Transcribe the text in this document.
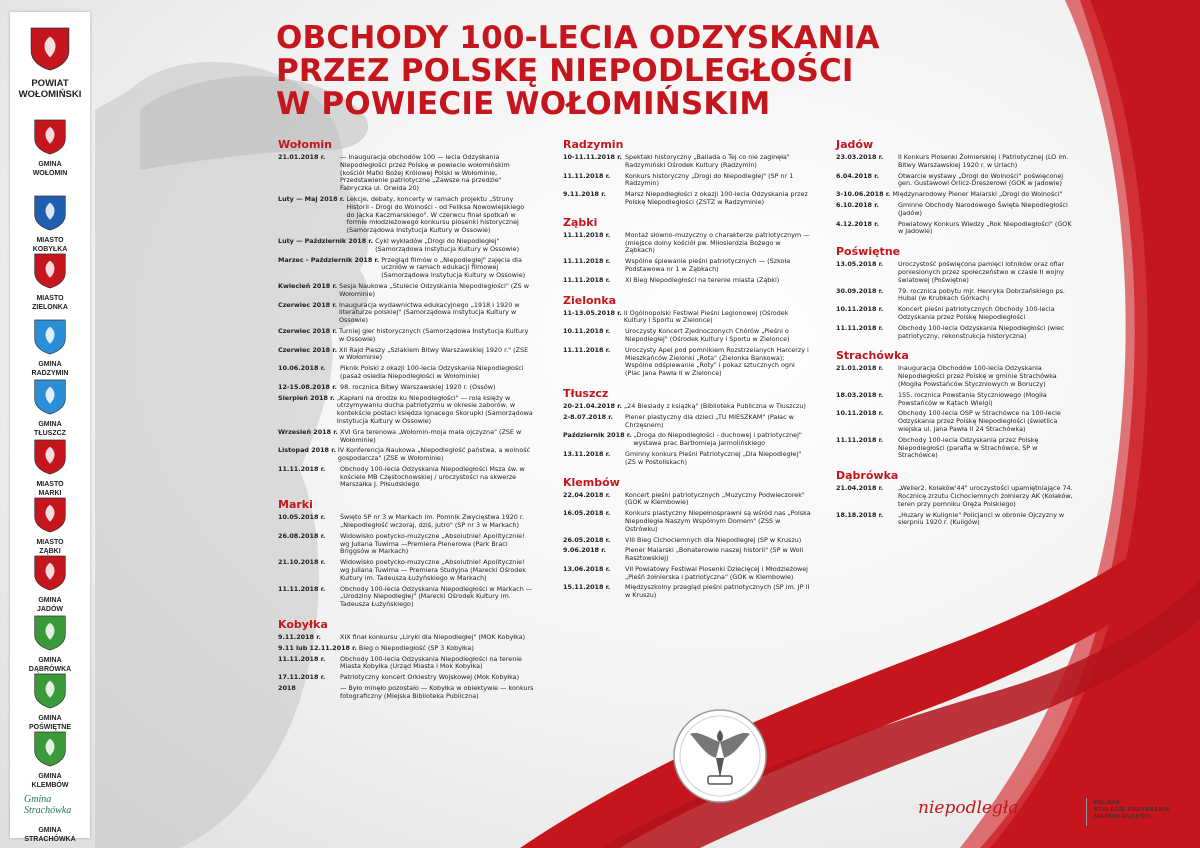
POWIAT
WOŁOMIŃSKI
GMINA
WOŁOMIN
MIASTO
KOBYŁKA
MIASTO
ZIELONKA
GMINA
RADZYMIN
GMINA
TŁUSZCZ
MIASTO
MARKI
MIASTO
ZĄBKI
GMINA
JADÓW
GMINA
DĄBRÓWKA
GMINA
POŚWIĘTNE
GMINA
KLEMBÓW
GMINA
STRACHÓWKA
Gmina Strachówka
OBCHODY 100-LECIA ODZYSKANIA
PRZEZ POLSKĘ NIEPODLEGŁOŚCI
W POWIECIE WOŁOMIŃSKIM
Wołomin
21.01.2018 r.	— Inauguracja obchodów 100 — lecia Odzyskania Niepodległości przez Polskę w powiecie wołomińskim (kościół Matki Bożej Królowej Polski w Wołominie, Przedstawienie patriotyczne „Zawsze na przedzie" Fabryczka ul. Orwida 20)
Luty — Maj 2018 r. Lekcje, debaty, koncerty w ramach projektu „Struny Historii - Drogi do Wolności - od Feliksa Nowowiejskiego do Jacka Kaczmarskiego". W czerwcu finał spotkań w formie młodzieżowego konkursu piosenki historycznej (Samorządowa Instytucja Kultury w Ossowie)
Luty — Październik 2018 r. Cykl wykładów „Drogi do Niepodległej" (Samorządowa Instytucja Kultury w Ossowie)
Marzec - Październik 2018 r. Przegląd filmów o „Niepodległej" zajęcia dla uczniów w ramach edukacji filmowej (Samorządowa Instytucja Kultury w Ossowie)
Kwiecień 2018 r. Sesja Naukowa „Stulecie Odzyskania Niepodległości" (ZS w Wołominie)
Czerwiec 2018 r. Inauguracja wydawnictwa edukacyjnego „1918 i 1920 w literaturze polskiej" (Samorządowa Instytucja Kultury w Ossowie)
Czerwiec 2018 r. Turniej gier historycznych (Samorządowa Instytucja Kultury w Ossowie)
Czerwiec 2018 r. XII Rajd Pieszy „Szlakiem Bitwy Warszawskiej 1920 r." (ZSE w Wołominie)
10.06.2018 r.	Piknik Polski z okazji 100-lecia Odzyskania Niepodległości (pasaż osiedla Niepodległości w Wołominie)
12-15.08.2018 r. 98. rocznica Bitwy Warszawskiej 1920 r. (Ossów)
Sierpień 2018 r. „Kapłani na drodze ku Niepodległości" — rola księży w utrzymywaniu ducha patriotyzmu w okresie zaborów, w kontekście postaci księdza Ignacego Skorupki (Samorządowa Instytucja Kultury w Ossowie)
Wrzesień 2018 r. XVI Gra terenowa „Wołomin-moja mała ojczyzna" (ZSE w Wołominie)
Listopad 2018 r. IV Konferencja Naukowa „Niepodległość państwa, a wolność gospodarcza" (ZSE w Wołominie)
11.11.2018 r.	Obchody 100-lecia Odzyskania Niepodległości Msza św. w kościele MB Częstochowskiej / uroczystości na skwerze Marszałka J. Piłsudskiego
Marki
10.05.2018 r.	Święto SP nr 3 w Markach im. Pomnik Zwycięstwa 1920 r. „Niepodległość wczoraj, dziś, jutro" (SP nr 3 w Markach)
26.08.2018 r.	Widowisko poetycko-muzyczne „Absolutnie! Apolitycznie! wg Juliana Tuwima —Premiera Plenerowa (Park Braci Briggsów w Markach)
21.10.2018 r.	Widowisko poetycko-muzyczne „Absolutnie! Apolitycznie! wg Juliana Tuwima — Premiera Studyjna (Marecki Ośrodek Kultury im. Tadeusza Łużyńskiego w Markach)
11.11.2018 r.	Obchody 100-lecia Odzyskania Niepodległości w Markach — „Urodziny Niepodległej" (Marecki Ośrodek Kultury im. Tadeusza Łużyńskiego)
Kobyłka
9.11.2018 r.	XIX finał konkursu „Liryki dla Niepodległej" (MOK Kobyłka)
9.11 lub 12.11.2018 r. Bieg o Niepodległość (SP 3 Kobyłka)
11.11.2018 r.	Obchody 100-lecia Odzyskania Niepodległości na terenie Miasta Kobyłka (Urząd Miasta i Mok Kobyłka)
17.11.2018 r.	Patriotyczny koncert Orkiestry Wojskowej (Mok Kobyłka)
2018	— Było minęło pozostało — Kobyłka w obiektywie — konkurs fotograficzny (Miejska Biblioteka Publiczna)
Radzymin
10-11.11.2018 r. Spektakl historyczny „Ballada o Tej co nie zaginęła" Radzymiński Ośrodek Kultury (Radzymin)
11.11.2018 r.	Konkurs historyczny „Drogi do Niepodległej" (SP nr 1 Radzymin)
9.11.2018 r.	Marsz Niepodległości z okazji 100-lecia Odzyskania przez Polskę Niepodległości (ZSTZ w Radzyminie)
Ząbki
11.11.2018 r.	Montaż słowno-muzyczny o charakterze patriotycznym — (miejsce dolny kościół pw. Miłosierdzia Bożego w Ząbkach)
11.11.2018 r.	Wspólne śpiewanie pieśni patriotycznych — (Szkoła Podstawowa nr 1 w Ząbkach)
11.11.2018 r.	XI Bieg Niepodległości na terenie miasta (Ząbki)
Zielonka
11-13.05.2018 r. II Ogólnopolski Festiwal Pieśni Legionowej (Ośrodek Kultury i Sportu w Zielonce)
10.11.2018 r.	Uroczysty Koncert Zjednoczonych Chórów „Pieśni o Niepodległej" (Ośrodek Kultury i Sportu w Zielonce)
11.11.2018 r.	Uroczysty Apel pod pomnikiem Rozstrzelanych Harcerzy i Mieszkańców Zielonki „Rota" (Zielonka Bankowa); Wspólne odśpiewanie „Roty" i pokaz sztucznych ogni (Plac Jana Pawła II w Zielonce)
Tłuszcz
20-21.04.2018 r. „24 Biesiady z książką" (Biblioteka Publiczna w Tłuszczu)
2-8.07.2018 r.	Plener plastyczny dla dzieci „TU MIESZKAM" (Pałac w Chrzęsnem)
Październik 2018 r. „Droga do Niepodległości - duchowej i patriotycznej" wystawa prac Bartłomieja Jarmolińskiego
13.11.2018 r.	Gminny konkurs Pieśni Patriotycznej „Dla Niepodległej" (ZS w Postoliskach)
Klembów
22.04.2018 r.	Koncert pieśni patriotycznych „Muzyczny Podwieczorek" (GOK w Klembowie)
16.05.2018 r.	Konkurs plastyczny Niepełnosprawni są wśród nas „Polska Niepodległa Naszym Wspólnym Domem" (ZSS w Ostrówku)
26.05.2018 r.	VIII Bieg Cichociemnych dla Niepodległej (SP w Kruszu)
9.06.2018 r.	Plener Malarski „Bohaterowie naszej historii" (SP w Woli Rasztowskiej)
13.06.2018 r.	VII Powiatowy Festiwal Piosenki Dziecięcej i Młodzieżowej „Pieśń żołnierska i patriotyczna" (GOK w Klembowie)
15.11.2018 r.	Międzyszkolny przegląd pieśni patriotycznych (SP im. JP II w Kruszu)
Jadów
23.03.2018 r.	II Konkurs Piosenki Żołnierskiej i Patriotycznej (LO im. Bitwy Warszawskiej 1920 r. w Urlach)
6.04.2018 r.	Otwarcie wystawy „Drogi do Wolności" poświęconej gen. Gustawowi Orlicz-Dreszerowi (GOK w Jadowie)
3-10.06.2018 r. Międzynarodowy Plener Malarski „Drogi do Wolności"
6.10.2018 r.	Gminne Obchody Narodowego Święta Niepodległości (Jadów)
4.12.2018 r.	Powiatowy Konkurs Wiedzy „Rok Niepodległości" (GOK w Jadowie)
Poświętne
13.05.2018 r.	Uroczystość poświęcona pamięci lotników oraz ofiar poniesionych przez społeczeństwo w czasie II wojny światowej (Poświętne)
30.09.2018 r.	79. rocznica pobytu mjr. Henryka Dobrzańskiego ps. Hubal (w Krubkach Górkach)
10.11.2018 r.	Koncert pieśni patriotycznych Obchody 100-lecia Odzyskania przez Polskę Niepodległości
11.11.2018 r.	Obchody 100-lecia Odzyskania Niepodległości (wiec patriotyczny, rekonstrukcja historyczna)
Strachówka
21.01.2018 r.	Inauguracja Obchodów 100-lecia Odzyskania Niepodległości przez Polskę w gminie Strachówka (Mogiła Powstańców Styczniowych w Boruczy)
18.03.2018 r.	155. rocznica Powstania Styczniowego (Mogiła Powstańców w Kątach Wielgi)
10.11.2018 r.	Obchody 100-lecia OSP w Strachówce na 100-lecie Odzyskania przez Polskę Niepodległości (świetlica wiejska ul. Jana Pawła II 24 Strachówka)
11.11.2018 r.	Obchody 100-lecia Odzyskania przez Polskę Niepodległości (parafia w Strachówce, SP w Strachówce)
Dąbrówka
21.04.2018 r.	„Weller2. Kołaków'44" uroczystości upamiętniające 74. Rocznicę zrzutu Cichociemnych żołnierzy AK (Kołaków, teren przy pomniku Oręża Polskiego)
18.18.2018 r.	„Huzary w Kulignie" Policjanci w obronie Ojczyzny w sierpniu 1920 r. (Kuligów)
niepodległa	POLSKA
STULECIE ODZYSKANIA
NIEPODLEGŁOŚCI
